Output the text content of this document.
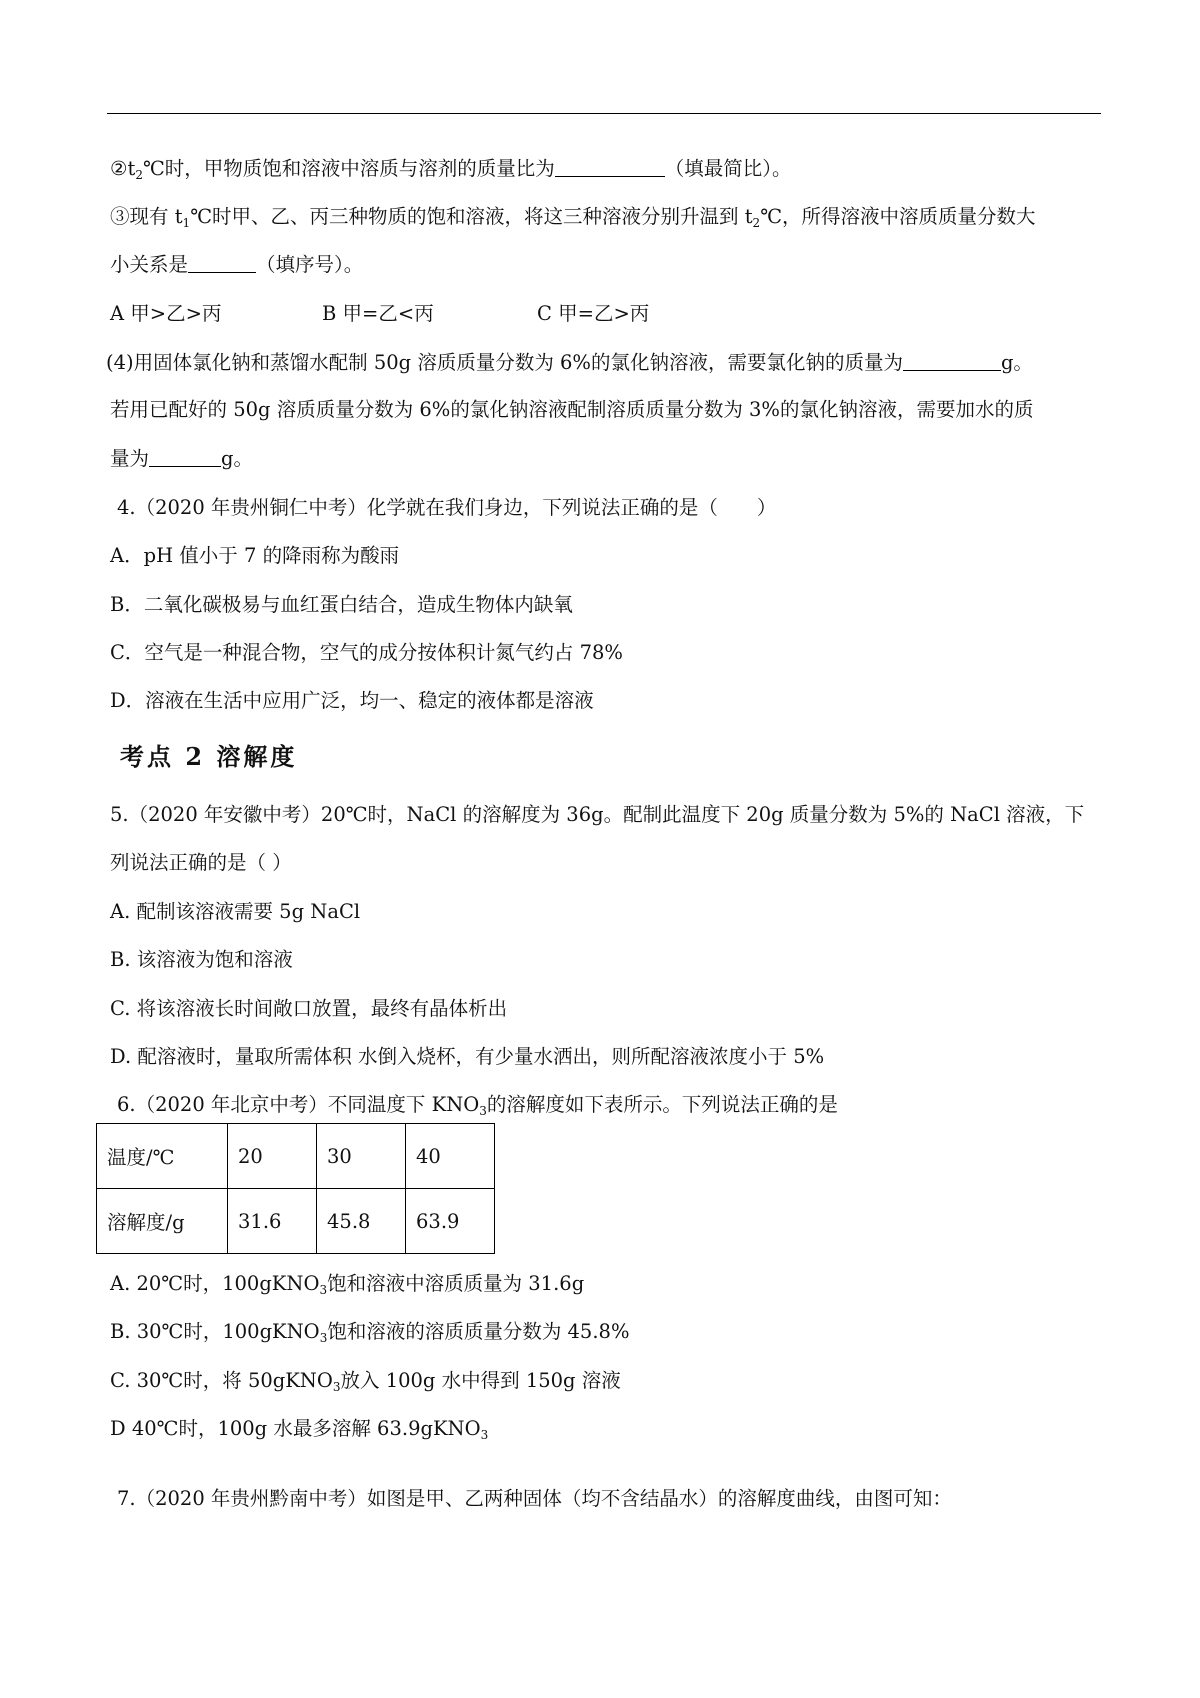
$②t_2℃$时，甲物质饱和溶液中溶质与溶剂的质量比为	（填最简比）。
③现有 $t_1℃$时甲、乙、丙三种物质的饱和溶液，将这三种溶液分别升温到 $t_2℃$，所得溶液中溶质质量分数大
小关系是	（填序号）。
A 甲>乙>丙	B 甲=乙<丙	C 甲=乙>丙
(4)用固体氯化钠和蒸馏水配制 50g 溶质质量分数为 6%的氯化钠溶液，需要氯化钠的质量为	g。
若用已配好的 50g 溶质质量分数为 6%的氯化钠溶液配制溶质质量分数为 3%的氯化钠溶液，需要加水的质
量为	g。
4.（2020 年贵州铜仁中考）化学就在我们身边，下列说法正确的是（　　）
A．pH 值小于 7 的降雨称为酸雨
B．二氧化碳极易与血红蛋白结合，造成生物体内缺氧
C．空气是一种混合物，空气的成分按体积计氮气约占 78%
D．溶液在生活中应用广泛，均一、稳定的液体都是溶液
考点 2 溶解度
5.（2020 年安徽中考）20℃时，NaCl 的溶解度为 36g。配制此温度下 20g 质量分数为 5%的 NaCl 溶液，下
列说法正确的是（ ）
A. 配制该溶液需要 5g NaCl
B. 该溶液为饱和溶液
C. 将该溶液长时间敞口放置，最终有晶体析出
D. 配溶液时，量取所需体积 水倒入烧杯，有少量水洒出，则所配溶液浓度小于 5%
6.（2020 年北京中考）不同温度下 $KNO_3$的溶解度如下表所示。下列说法正确的是
温度/℃	20	30	40
溶解度/g	31.6	45.8	63.9
A. 20℃时，100gKNO$_3$饱和溶液中溶质质量为 31.6g
B. 30℃时，100gKNO$_3$饱和溶液的溶质质量分数为 45.8%
C. 30℃时，将 50gKNO$_3$放入 100g 水中得到 150g 溶液
D 40℃时，100g 水最多溶解 63.9gKNO$_3$
7.（2020 年贵州黔南中考）如图是甲、乙两种固体（均不含结晶水）的溶解度曲线，由图可知：
